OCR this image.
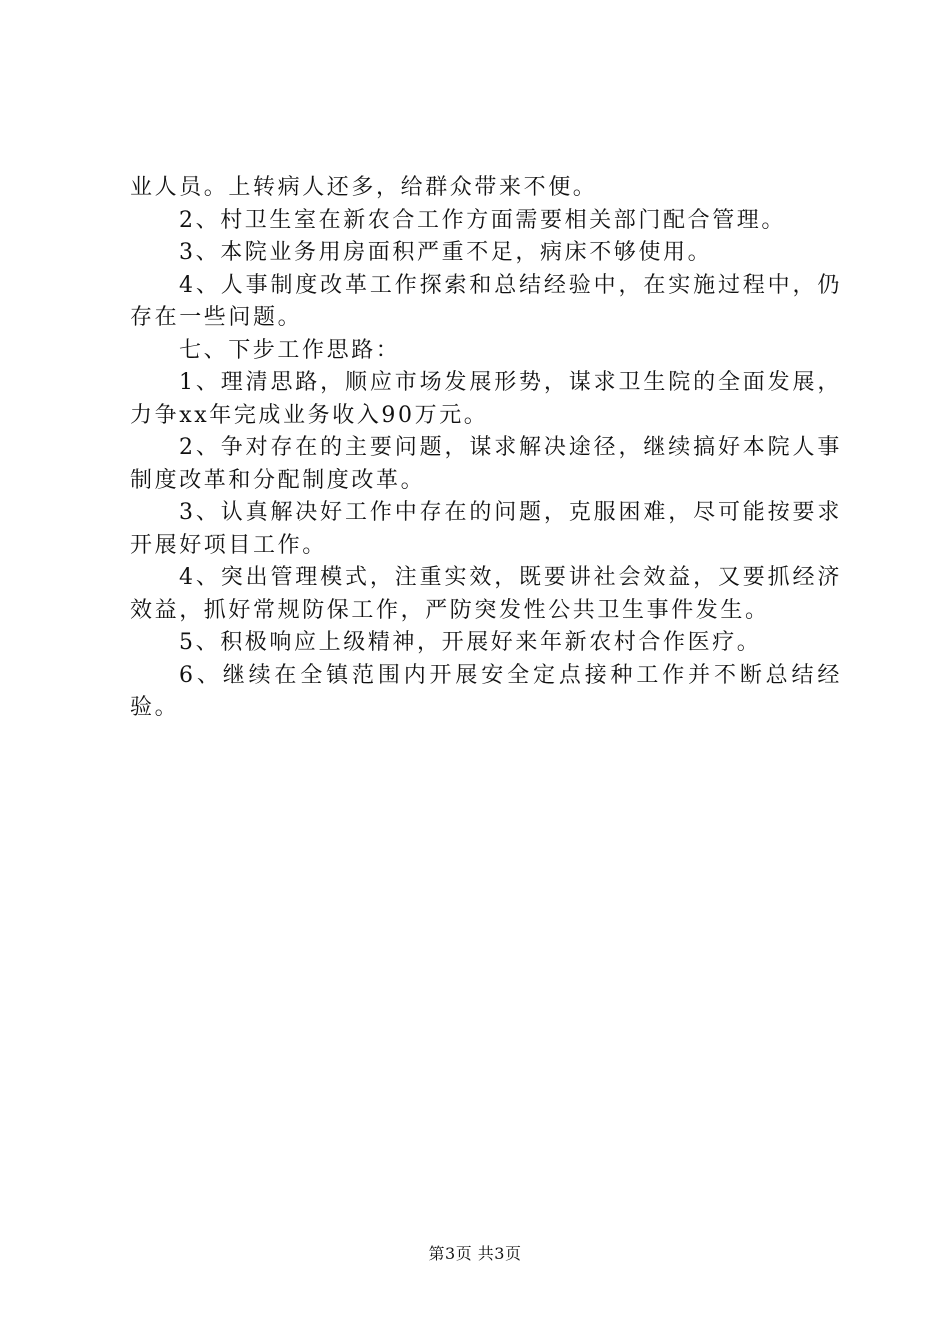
业人员。上转病人还多，给群众带来不便。

2、村卫生室在新农合工作方面需要相关部门配合管理。

3、本院业务用房面积严重不足，病床不够使用。

4、人事制度改革工作探索和总结经验中，在实施过程中，仍存在一些问题。

七、下步工作思路：

1、理清思路，顺应市场发展形势，谋求卫生院的全面发展，力争xx年完成业务收入90万元。

2、争对存在的主要问题，谋求解决途径，继续搞好本院人事制度改革和分配制度改革。

3、认真解决好工作中存在的问题，克服困难，尽可能按要求开展好项目工作。

4、突出管理模式，注重实效，既要讲社会效益，又要抓经济效益，抓好常规防保工作，严防突发性公共卫生事件发生。

5、积极响应上级精神，开展好来年新农村合作医疗。

6、继续在全镇范围内开展安全定点接种工作并不断总结经验。

第3页 共3页
